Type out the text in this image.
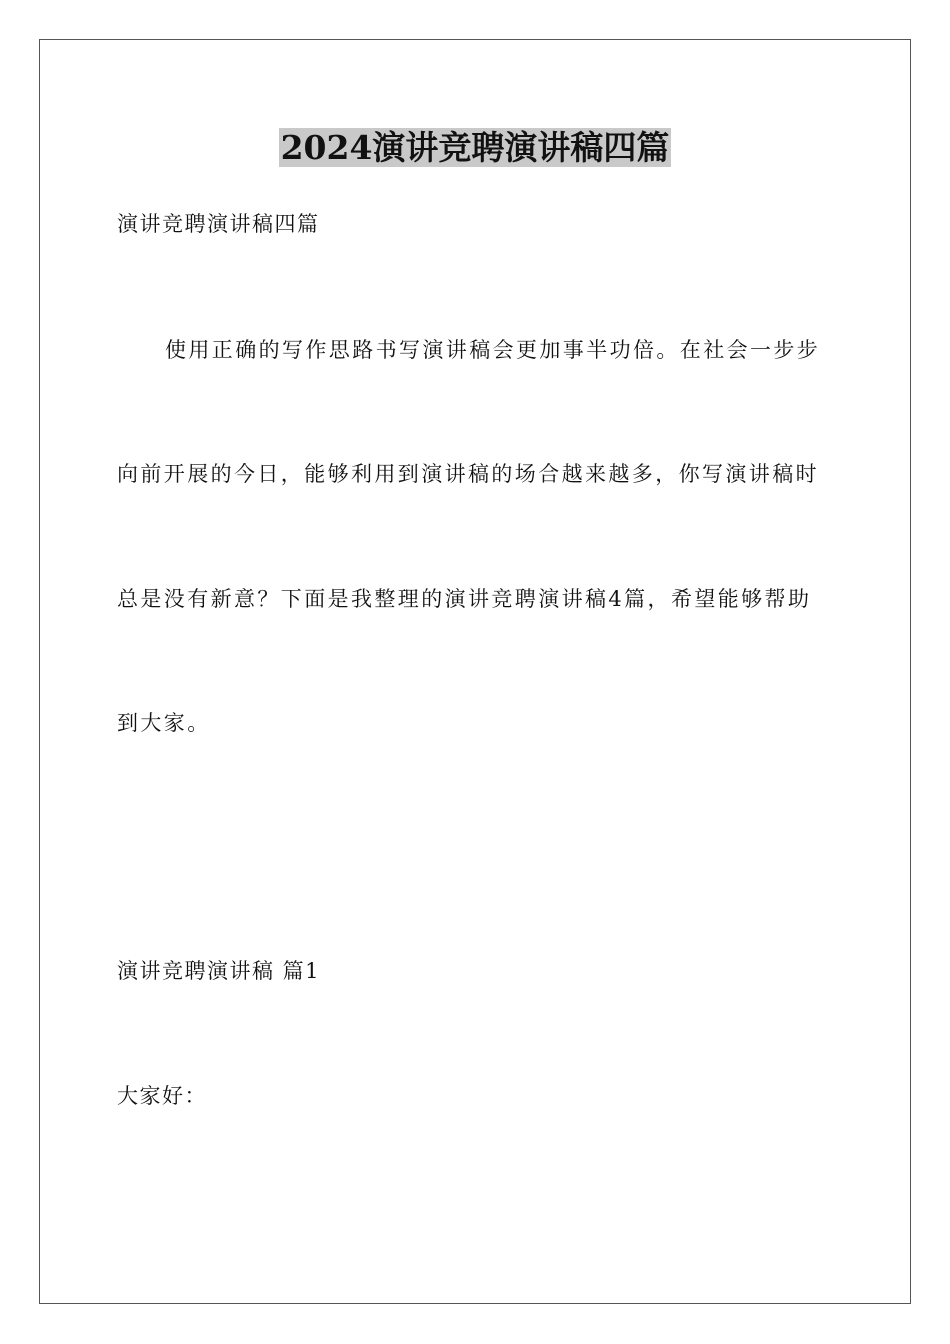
2024演讲竞聘演讲稿四篇
演讲竞聘演讲稿四篇
使用正确的写作思路书写演讲稿会更加事半功倍。在社会一步步
向前开展的今日，能够利用到演讲稿的场合越来越多，你写演讲稿时
总是没有新意？下面是我整理的演讲竞聘演讲稿4篇，希望能够帮助
到大家。
演讲竞聘演讲稿 篇1
大家好：
